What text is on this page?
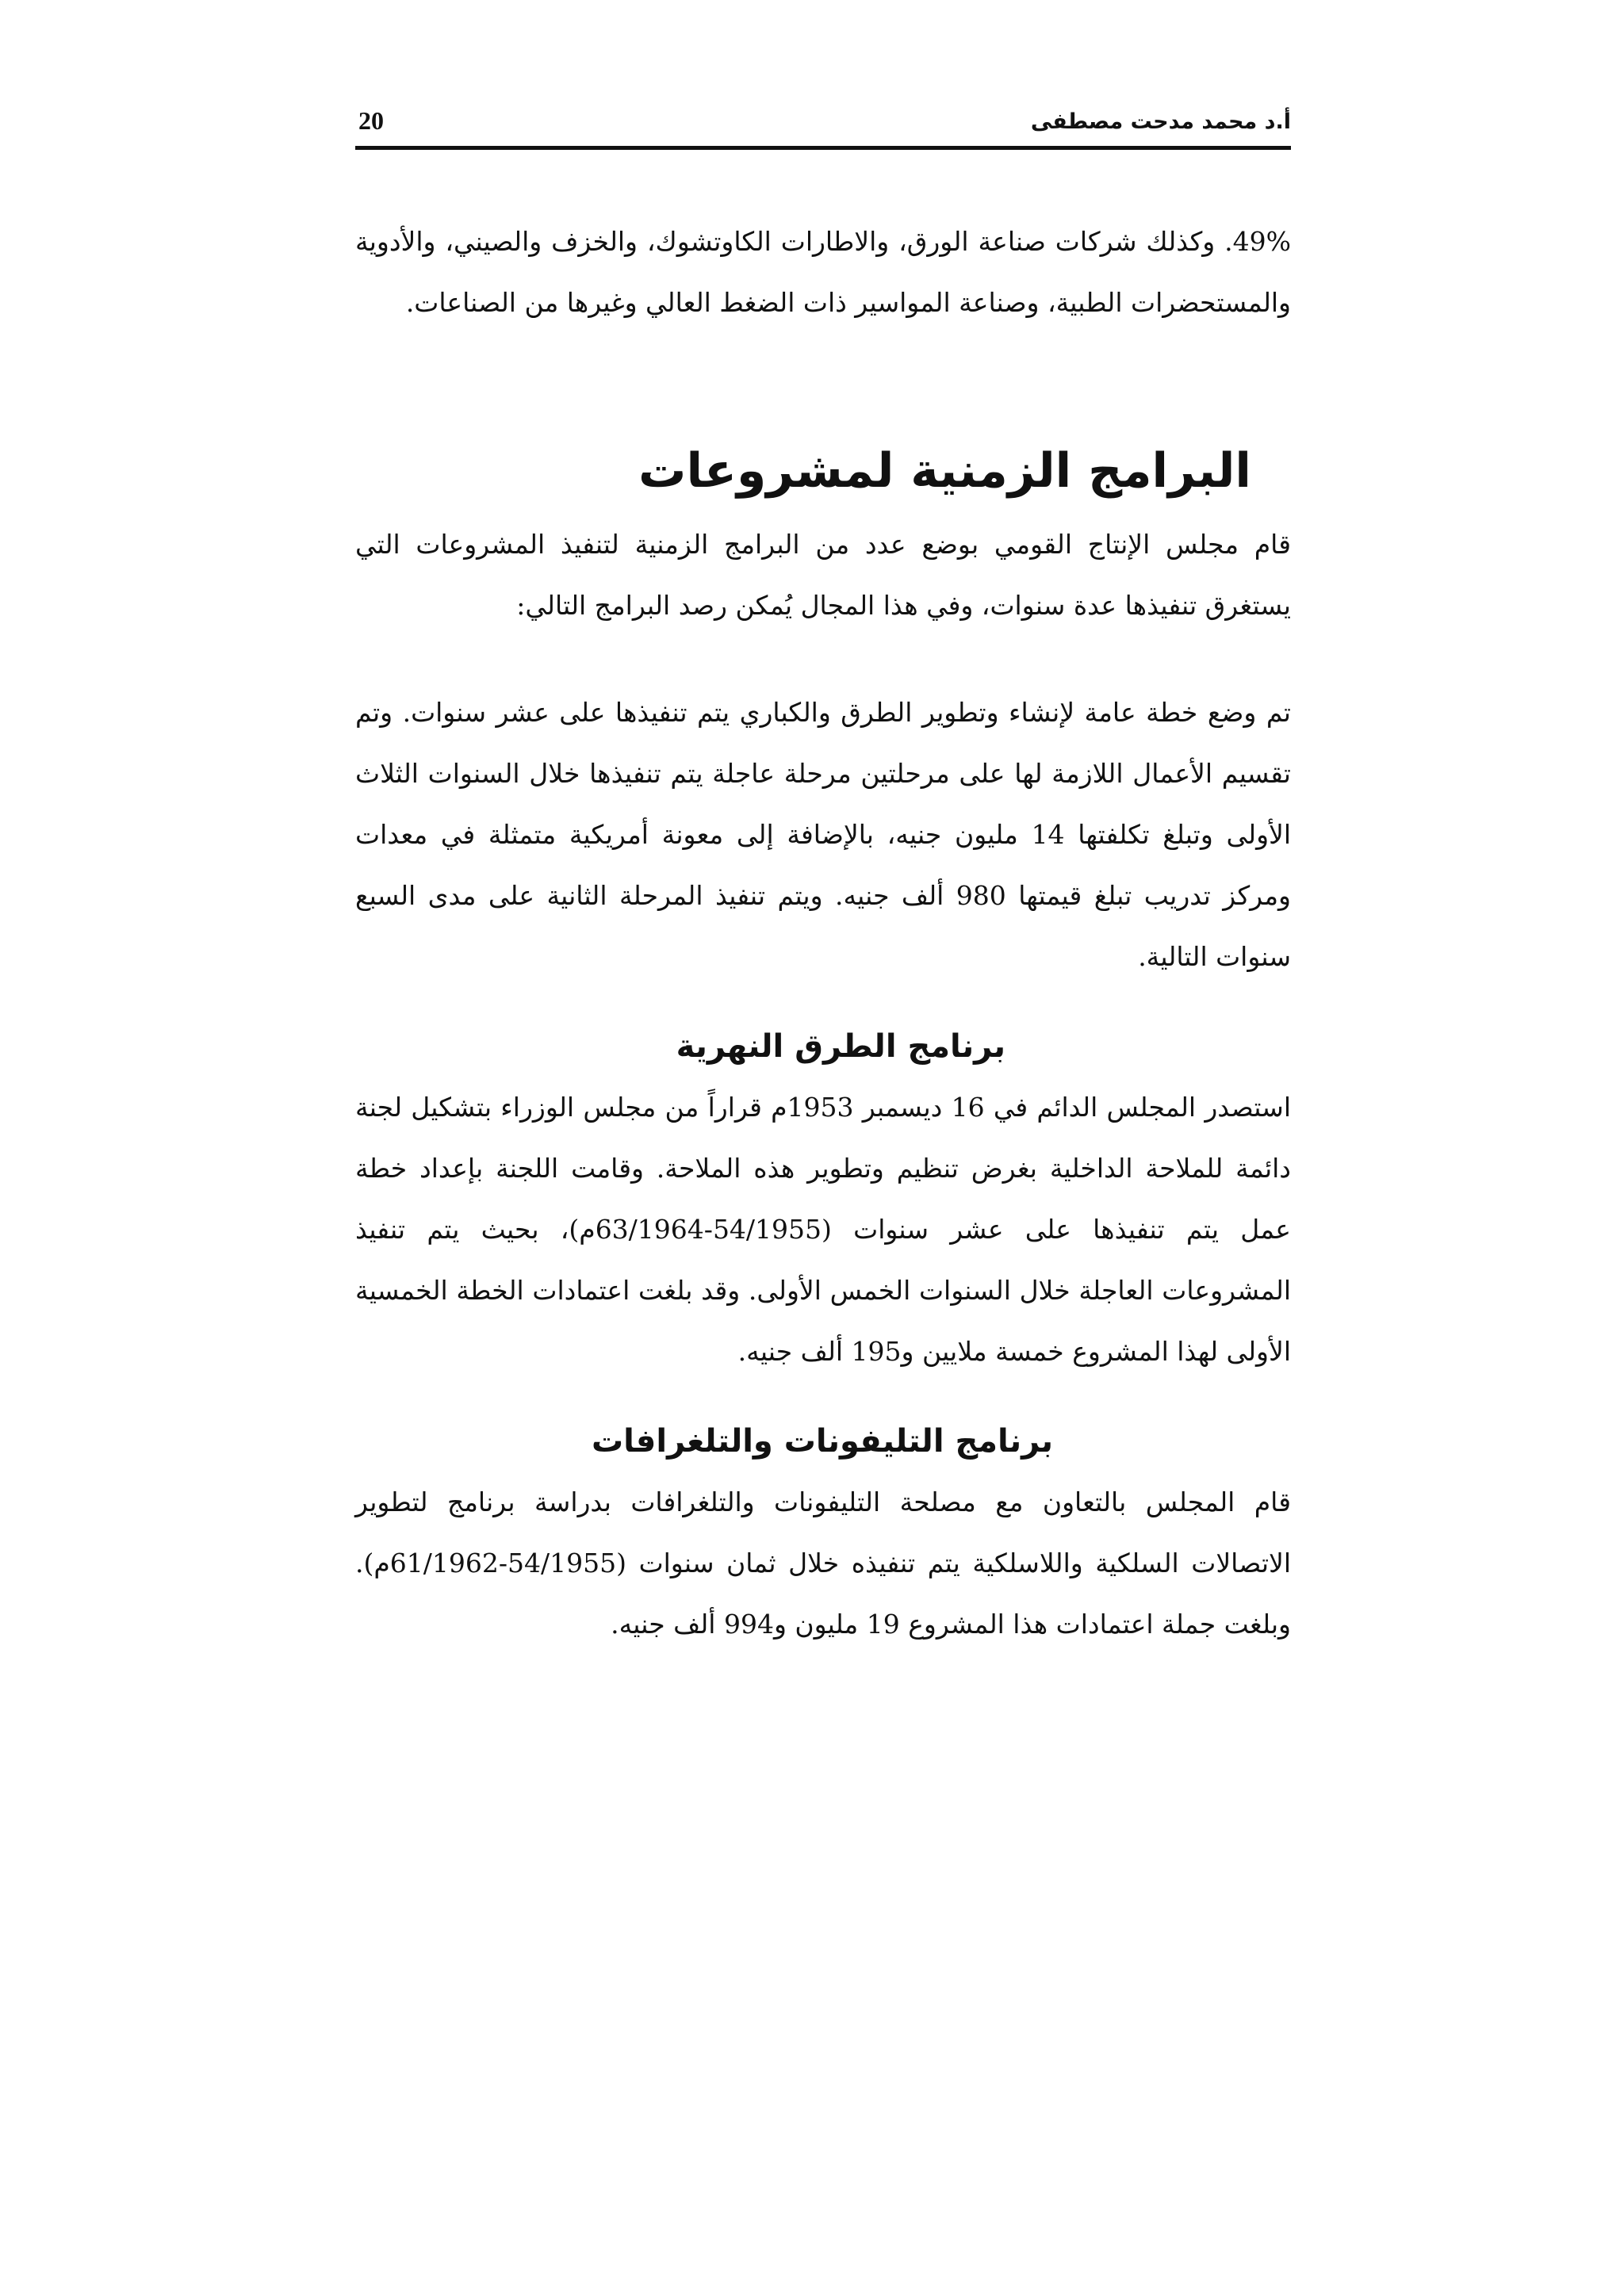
أ.د محمد مدحت مصطفى
20

49%. وكذلك شركات صناعة الورق، والاطارات الكاوتشوك، والخزف والصيني، والأدوية والمستحضرات الطبية، وصناعة المواسير ذات الضغط العالي وغيرها من الصناعات.

البرامج الزمنية لمشروعات

قام مجلس الإنتاج القومي بوضع عدد من البرامج الزمنية لتنفيذ المشروعات التي يستغرق تنفيذها عدة سنوات، وفي هذا المجال يُمكن رصد البرامج التالي:

تم وضع خطة عامة لإنشاء وتطوير الطرق والكباري يتم تنفيذها على عشر سنوات. وتم تقسيم الأعمال اللازمة لها على مرحلتين مرحلة عاجلة يتم تنفيذها خلال السنوات الثلاث الأولى وتبلغ تكلفتها 14 مليون جنيه، بالإضافة إلى معونة أمريكية متمثلة في معدات ومركز تدريب تبلغ قيمتها 980 ألف جنيه. ويتم تنفيذ المرحلة الثانية على مدى السبع سنوات التالية.

برنامج الطرق النهرية

استصدر المجلس الدائم في 16 ديسمبر 1953م قراراً من مجلس الوزراء بتشكيل لجنة دائمة للملاحة الداخلية بغرض تنظيم وتطوير هذه الملاحة. وقامت اللجنة بإعداد خطة عمل يتم تنفيذها على عشر سنوات (54/1955-63/1964م)، بحيث يتم تنفيذ المشروعات العاجلة خلال السنوات الخمس الأولى. وقد بلغت اعتمادات الخطة الخمسية الأولى لهذا المشروع خمسة ملايين و195 ألف جنيه.

برنامج التليفونات والتلغرافات

قام المجلس بالتعاون مع مصلحة التليفونات والتلغرافات بدراسة برنامج لتطوير الاتصالات السلكية واللاسلكية يتم تنفيذه خلال ثمان سنوات (54/1955-61/1962م). وبلغت جملة اعتمادات هذا المشروع 19 مليون و994 ألف جنيه.
